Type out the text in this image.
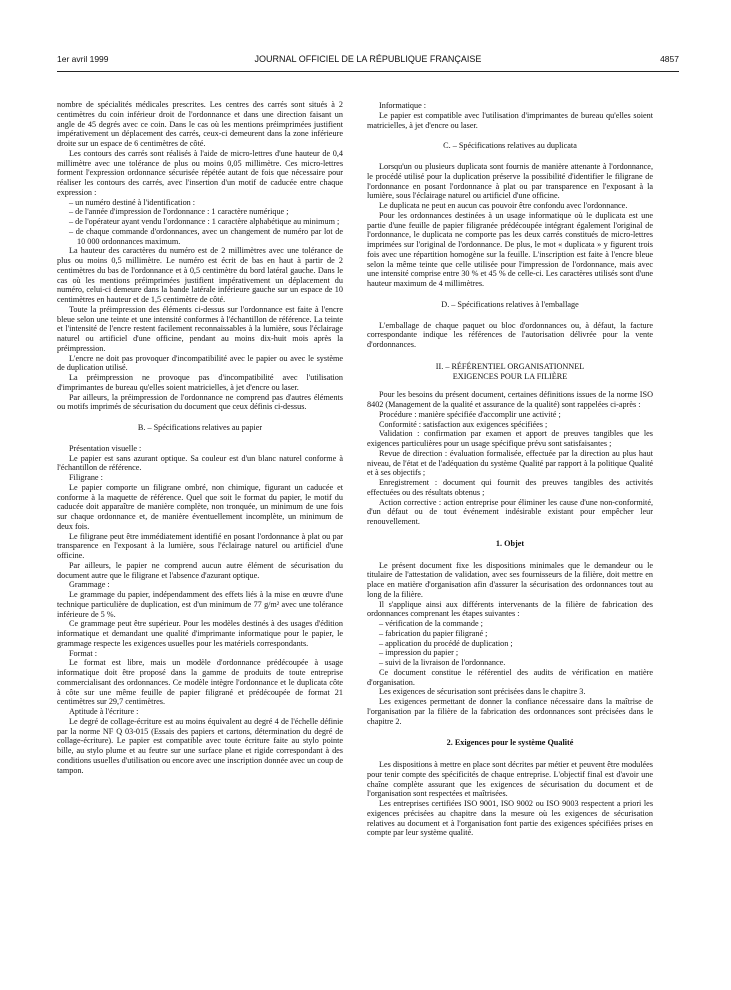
1er avril 1999	JOURNAL OFFICIEL DE LA RÉPUBLIQUE FRANÇAISE	4857

nombre de spécialités médicales prescrites. Les centres des carrés sont situés à 2 centimètres du coin inférieur droit de l'ordonnance et dans une direction faisant un angle de 45 degrés avec ce coin. Dans le cas où les mentions préimprimées justifient impérativement un déplacement des carrés, ceux-ci demeurent dans la zone inférieure droite sur un espace de 6 centimètres de côté.

Les contours des carrés sont réalisés à l'aide de micro-lettres d'une hauteur de 0,4 millimètre avec une tolérance de plus ou moins 0,05 millimètre. Ces micro-lettres forment l'expression ordonnance sécurisée répétée autant de fois que nécessaire pour réaliser les contours des carrés, avec l'insertion d'un motif de caducée entre chaque expression :

– un numéro destiné à l'identification :

– de l'année d'impression de l'ordonnance : 1 caractère numérique ;

– de l'opérateur ayant vendu l'ordonnance : 1 caractère alphabétique au minimum ;

– de chaque commande d'ordonnances, avec un changement de numéro par lot de 10 000 ordonnances maximum.

La hauteur des caractères du numéro est de 2 millimètres avec une tolérance de plus ou moins 0,5 millimètre. Le numéro est écrit de bas en haut à partir de 2 centimètres du bas de l'ordonnance et à 0,5 centimètre du bord latéral gauche. Dans le cas où les mentions préimprimées justifient impérativement un déplacement du numéro, celui-ci demeure dans la bande latérale inférieure gauche sur un espace de 10 centimètres en hauteur et de 1,5 centimètre de côté.

Toute la préimpression des éléments ci-dessus sur l'ordonnance est faite à l'encre bleue selon une teinte et une intensité conformes à l'échantillon de référence. La teinte et l'intensité de l'encre restent facilement reconnaissables à la lumière, sous l'éclairage naturel ou artificiel d'une officine, pendant au moins dix-huit mois après la préimpression.

L'encre ne doit pas provoquer d'incompatibilité avec le papier ou avec le système de duplication utilisé.

La préimpression ne provoque pas d'incompatibilité avec l'utilisation d'imprimantes de bureau qu'elles soient matricielles, à jet d'encre ou laser.

Par ailleurs, la préimpression de l'ordonnance ne comprend pas d'autres éléments ou motifs imprimés de sécurisation du document que ceux définis ci-dessus.

B. – Spécifications relatives au papier

Présentation visuelle :

Le papier est sans azurant optique. Sa couleur est d'un blanc naturel conforme à l'échantillon de référence.

Filigrane :

Le papier comporte un filigrane ombré, non chimique, figurant un caducée et conforme à la maquette de référence. Quel que soit le format du papier, le motif du caducée doit apparaître de manière complète, non tronquée, un minimum de une fois sur chaque ordonnance et, de manière éventuellement incomplète, un minimum de deux fois.

Le filigrane peut être immédiatement identifié en posant l'ordonnance à plat ou par transparence en l'exposant à la lumière, sous l'éclairage naturel ou artificiel d'une officine.

Par ailleurs, le papier ne comprend aucun autre élément de sécurisation du document autre que le filigrane et l'absence d'azurant optique.

Grammage :

Le grammage du papier, indépendamment des effets liés à la mise en œuvre d'une technique particulière de duplication, est d'un minimum de 77 g/m² avec une tolérance inférieure de 5 %.

Ce grammage peut être supérieur. Pour les modèles destinés à des usages d'édition informatique et demandant une qualité d'imprimante informatique pour le papier, le grammage respecte les exigences usuelles pour les matériels correspondants.

Format :

Le format est libre, mais un modèle d'ordonnance prédécoupée à usage informatique doit être proposé dans la gamme de produits de toute entreprise commercialisant des ordonnances. Ce modèle intègre l'ordonnance et le duplicata côte à côte sur une même feuille de papier filigrané et prédécoupée de format 21 centimètres sur 29,7 centimètres.

Aptitude à l'écriture :

Le degré de collage-écriture est au moins équivalent au degré 4 de l'échelle définie par la norme NF Q 03-015 (Essais des papiers et cartons, détermination du degré de collage-écriture). Le papier est compatible avec toute écriture faite au stylo pointe bille, au stylo plume et au feutre sur une surface plane et rigide correspondant à des conditions usuelles d'utilisation ou encore avec une inscription donnée avec un coup de tampon.

Informatique :

Le papier est compatible avec l'utilisation d'imprimantes de bureau qu'elles soient matricielles, à jet d'encre ou laser.

C. – Spécifications relatives au duplicata

Lorsqu'un ou plusieurs duplicata sont fournis de manière attenante à l'ordonnance, le procédé utilisé pour la duplication préserve la possibilité d'identifier le filigrane de l'ordonnance en posant l'ordonnance à plat ou par transparence en l'exposant à la lumière, sous l'éclairage naturel ou artificiel d'une officine.

Le duplicata ne peut en aucun cas pouvoir être confondu avec l'ordonnance.

Pour les ordonnances destinées à un usage informatique où le duplicata est une partie d'une feuille de papier filigranée prédécoupée intégrant également l'original de l'ordonnance, le duplicata ne comporte pas les deux carrés constitués de micro-lettres imprimées sur l'original de l'ordonnance. De plus, le mot « duplicata » y figurent trois fois avec une répartition homogène sur la feuille. L'inscription est faite à l'encre bleue selon la même teinte que celle utilisée pour l'impression de l'ordonnance, mais avec une intensité comprise entre 30 % et 45 % de celle-ci. Les caractères utilisés sont d'une hauteur maximum de 4 millimètres.

D. – Spécifications relatives à l'emballage

L'emballage de chaque paquet ou bloc d'ordonnances ou, à défaut, la facture correspondante indique les références de l'autorisation délivrée pour la vente d'ordonnances.

II. – RÉFÉRENTIEL ORGANISATIONNEL

EXIGENCES POUR LA FILIÈRE

Pour les besoins du présent document, certaines définitions issues de la norme ISO 8402 (Management de la qualité et assurance de la qualité) sont rappelées ci-après :

Procédure : manière spécifiée d'accomplir une activité ;

Conformité : satisfaction aux exigences spécifiées ;

Validation : confirmation par examen et apport de preuves tangibles que les exigences particulières pour un usage spécifique prévu sont satisfaisantes ;

Revue de direction : évaluation formalisée, effectuée par la direction au plus haut niveau, de l'état et de l'adéquation du système Qualité par rapport à la politique Qualité et à ses objectifs ;

Enregistrement : document qui fournit des preuves tangibles des activités effectuées ou des résultats obtenus ;

Action corrective : action entreprise pour éliminer les cause d'une non-conformité, d'un défaut ou de tout événement indésirable existant pour empêcher leur renouvellement.

1. Objet

Le présent document fixe les dispositions minimales que le demandeur ou le titulaire de l'attestation de validation, avec ses fournisseurs de la filière, doit mettre en place en matière d'organisation afin d'assurer la sécurisation des ordonnances tout au long de la filière.

Il s'applique ainsi aux différents intervenants de la filière de fabrication des ordonnances comprenant les étapes suivantes :

– vérification de la commande ;

– fabrication du papier filigrané ;

– application du procédé de duplication ;

– impression du papier ;

– suivi de la livraison de l'ordonnance.

Ce document constitue le référentiel des audits de vérification en matière d'organisation.

Les exigences de sécurisation sont précisées dans le chapitre 3.

Les exigences permettant de donner la confiance nécessaire dans la maîtrise de l'organisation par la filière de la fabrication des ordonnances sont précisées dans le chapitre 2.

2. Exigences pour le système Qualité

Les dispositions à mettre en place sont décrites par métier et peuvent être modulées pour tenir compte des spécificités de chaque entreprise. L'objectif final est d'avoir une chaîne complète assurant que les exigences de sécurisation du document et de l'organisation sont respectées et maîtrisées.

Les entreprises certifiées ISO 9001, ISO 9002 ou ISO 9003 respectent a priori les exigences précisées au chapitre dans la mesure où les exigences de sécurisation relatives au document et à l'organisation font partie des exigences spécifiées prises en compte par leur système qualité.
